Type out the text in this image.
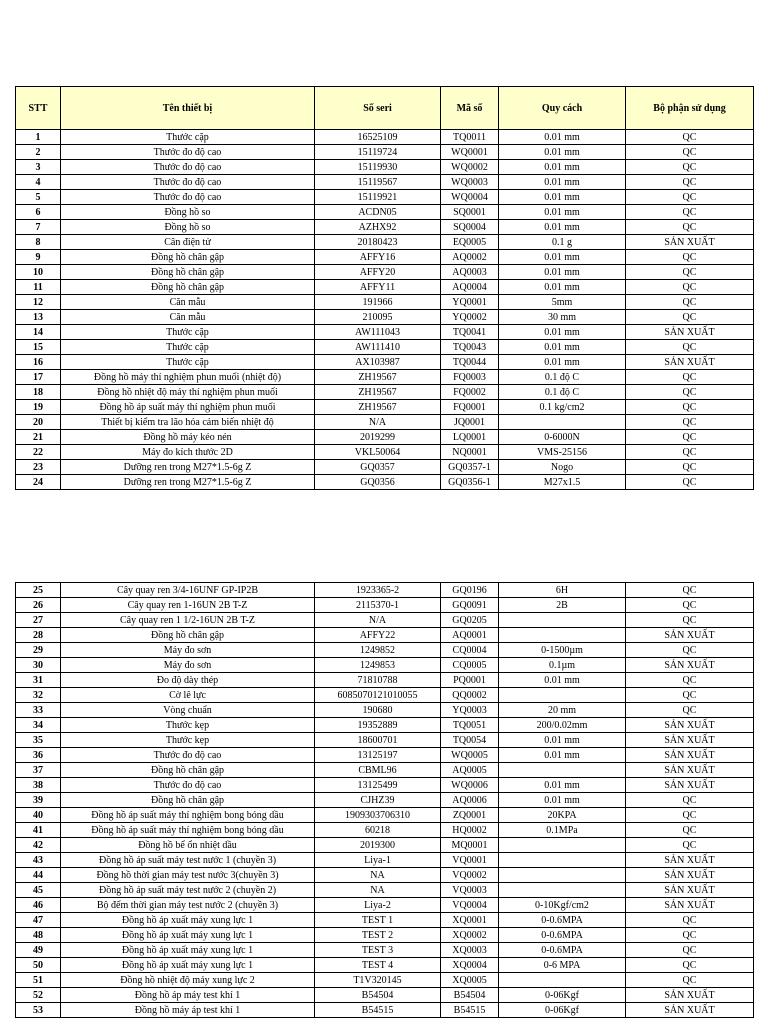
STT	Tên thiết bị	Số seri	Mã số	Quy cách	Bộ phận sử dụng
1	Thước cặp	16525109	TQ0011	0.01 mm	QC
2	Thước đo độ cao	15119724	WQ0001	0.01 mm	QC
3	Thước đo độ cao	15119930	WQ0002	0.01 mm	QC
4	Thước đo độ cao	15119567	WQ0003	0.01 mm	QC
5	Thước đo độ cao	15119921	WQ0004	0.01 mm	QC
6	Đồng hồ so	ACDN05	SQ0001	0.01 mm	QC
7	Đồng hồ so	AZHX92	SQ0004	0.01 mm	QC
8	Cân điện tử	20180423	EQ0005	0.1 g	SẢN XUẤT
9	Đồng hồ chân gập	AFFY16	AQ0002	0.01 mm	QC
10	Đồng hồ chân gập	AFFY20	AQ0003	0.01 mm	QC
11	Đồng hồ chân gập	AFFY11	AQ0004	0.01 mm	QC
12	Căn mẫu	191966	YQ0001	5mm	QC
13	Căn mẫu	210095	YQ0002	30 mm	QC
14	Thước cặp	AW111043	TQ0041	0.01 mm	SẢN XUẤT
15	Thước cặp	AW111410	TQ0043	0.01 mm	QC
16	Thước cặp	AX103987	TQ0044	0.01 mm	SẢN XUẤT
17	Đồng hồ máy thí nghiệm phun muối (nhiệt độ)	ZH19567	FQ0003	0.1 độ C	QC
18	Đồng hồ nhiệt độ máy thí nghiệm phun muối	ZH19567	FQ0002	0.1 độ C	QC
19	Đồng hồ áp suất máy thí nghiệm phun muối	ZH19567	FQ0001	0.1 kg/cm2	QC
20	Thiết bị kiểm tra lão hóa cảm biến nhiệt độ	N/A	JQ0001		QC
21	Đồng hồ máy kéo nén	2019299	LQ0001	0-6000N	QC
22	Máy đo kích thước 2D	VKL50064	NQ0001	VMS-25156	QC
23	Dưỡng ren trong M27*1.5-6g Z	GQ0357	GQ0357-1	Nogo	QC
24	Dưỡng ren trong M27*1.5-6g Z	GQ0356	GQ0356-1	M27x1.5	QC
25	Cây quay ren 3/4-16UNF GP-IP2B	1923365-2	GQ0196	6H	QC
26	Cây quay ren 1-16UN 2B T-Z	2115370-1	GQ0091	2B	QC
27	Cây quay ren 1 1/2-16UN 2B T-Z	N/A	GQ0205		QC
28	Đồng hồ chân gập	AFFY22	AQ0001		SẢN XUẤT
29	Máy đo sơn	1249852	CQ0004	0-1500µm	QC
30	Máy đo sơn	1249853	CQ0005	0.1µm	SẢN XUẤT
31	Đo độ dày thép	71810788	PQ0001	0.01 mm	QC
32	Cờ lê lực	6085070121010055	QQ0002		QC
33	Vòng chuẩn	190680	YQ0003	20 mm	QC
34	Thước kẹp	19352889	TQ0051	200/0.02mm	SẢN XUẤT
35	Thước kẹp	18600701	TQ0054	0.01 mm	SẢN XUẤT
36	Thước đo độ cao	13125197	WQ0005	0.01 mm	SẢN XUẤT
37	Đồng hồ chân gập	CBML96	AQ0005		SẢN XUẤT
38	Thước đo độ cao	13125499	WQ0006	0.01 mm	SẢN XUẤT
39	Đồng hồ chân gập	CJHZ39	AQ0006	0.01 mm	QC
40	Đồng hồ áp suất máy thí nghiệm bong bóng dầu	1909303706310	ZQ0001	20KPA	QC
41	Đồng hồ áp suất máy thí nghiệm bong bóng dầu	60218	HQ0002	0.1MPa	QC
42	Đồng hồ bể ổn nhiệt dầu	2019300	MQ0001		QC
43	Đồng hồ áp suất máy test nước 1 (chuyền 3)	Liya-1	VQ0001		SẢN XUẤT
44	Đồng hồ thời gian máy test nước 3(chuyền 3)	NA	VQ0002		SẢN XUẤT
45	Đồng hồ áp suất máy test nước 2 (chuyền 2)	NA	VQ0003		SẢN XUẤT
46	Bộ đếm thời gian máy test nước 2 (chuyền 3)	Liya-2	VQ0004	0-10Kgf/cm2	SẢN XUẤT
47	Đồng hồ áp xuất máy xung lực 1	TEST 1	XQ0001	0-0.6MPA	QC
48	Đồng hồ áp xuất máy xung lực 1	TEST 2	XQ0002	0-0.6MPA	QC
49	Đồng hồ áp xuất máy xung lực 1	TEST 3	XQ0003	0-0.6MPA	QC
50	Đồng hồ áp xuất máy xung lực 1	TEST 4	XQ0004	0-6 MPA	QC
51	Đồng hồ nhiệt độ máy xung lực 2	T1V320145	XQ0005		QC
52	Đồng hồ áp máy test khí 1	B54504	B54504	0-06Kgf	SẢN XUẤT
53	Đồng hồ máy áp test khí 1	B54515	B54515	0-06Kgf	SẢN XUẤT
